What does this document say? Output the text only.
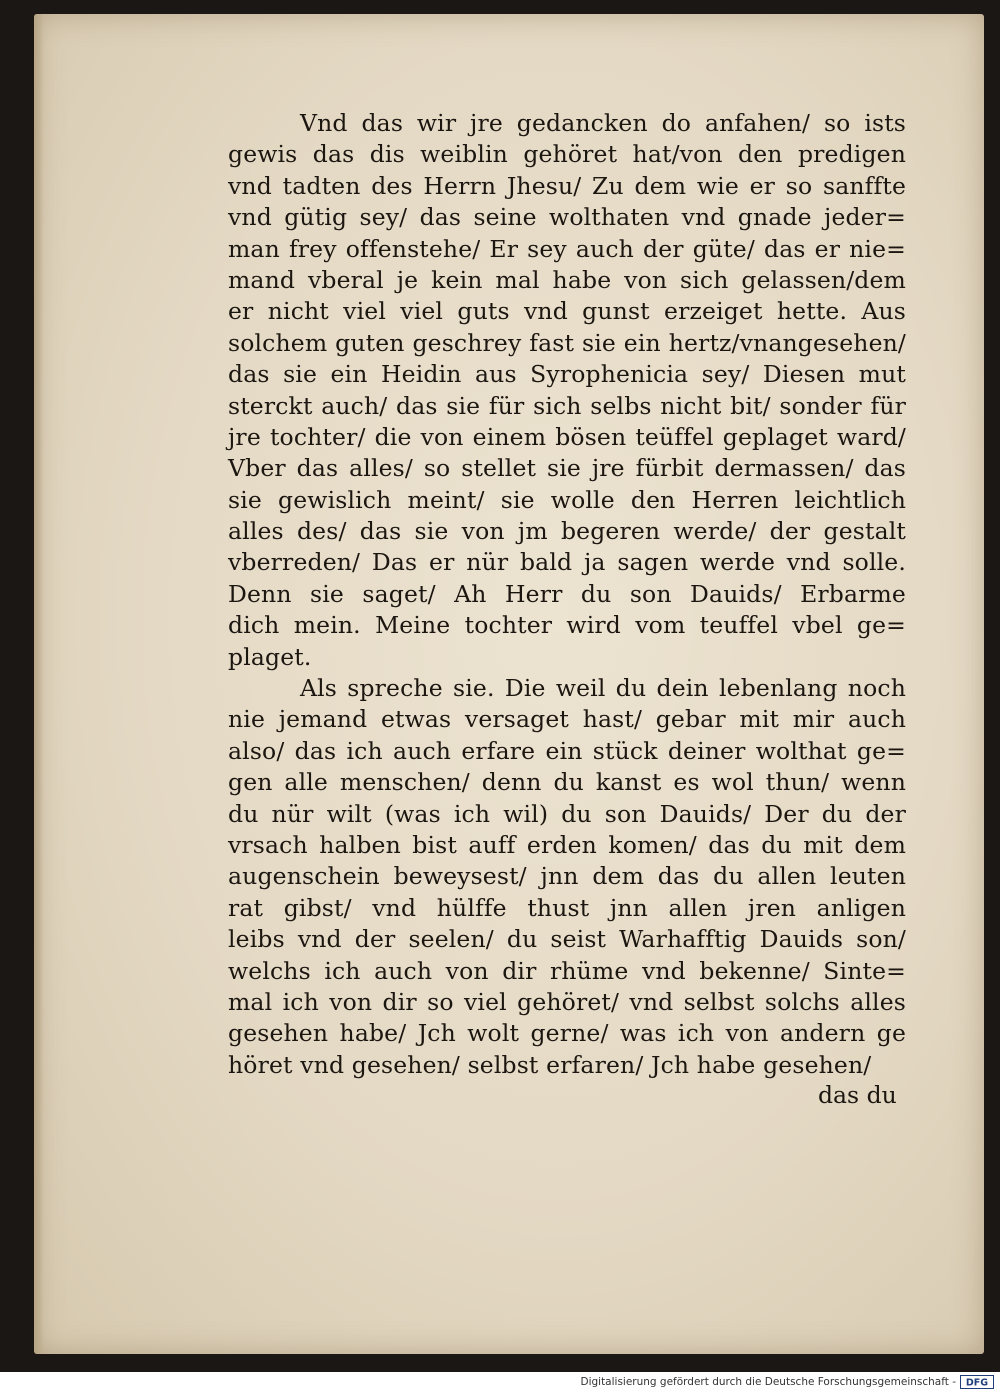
Vnd das wir jre gedancken do anfahen/ so ists
gewis das dis weiblin gehöret hat/von den predigen
vnd tadten des Herrn Jhesu/ Zu dem wie er so sanffte
vnd gütig sey/ das seine wolthaten vnd gnade jeder=
man frey offenstehe/ Er sey auch der güte/ das er nie=
mand vberal je kein mal habe von sich gelassen/dem
er nicht viel viel guts vnd gunst erzeiget hette. Aus
solchem guten geschrey fast sie ein hertz/vnangesehen/
das sie ein Heidin aus Syrophenicia sey/ Diesen mut
sterckt auch/ das sie für sich selbs nicht bit/ sonder für
jre tochter/ die von einem bösen teüffel geplaget ward/
Vber das alles/ so stellet sie jre fürbit dermassen/ das
sie gewislich meint/ sie wolle den Herren leichtlich
alles des/ das sie von jm begeren werde/ der gestalt
vberreden/ Das er nür bald ja sagen werde vnd solle.
Denn sie saget/ Ah Herr du son Dauids/ Erbarme
dich mein. Meine tochter wird vom teuffel vbel ge=
plaget.
Als spreche sie. Die weil du dein lebenlang noch
nie jemand etwas versaget hast/ gebar mit mir auch
also/ das ich auch erfare ein stück deiner wolthat ge=
gen alle menschen/ denn du kanst es wol thun/ wenn
du nür wilt (was ich wil) du son Dauids/ Der du der
vrsach halben bist auff erden komen/ das du mit dem
augenschein beweysest/ jnn dem das du allen leuten
rat gibst/ vnd hülffe thust jnn allen jren anligen
leibs vnd der seelen/ du seist Warhafftig Dauids son/
welchs ich auch von dir rhüme vnd bekenne/ Sinte=
mal ich von dir so viel gehöret/ vnd selbst solchs alles
gesehen habe/ Jch wolt gerne/ was ich von andern ge
höret vnd gesehen/ selbst erfaren/ Jch habe gesehen/
das du
Digitalisierung gefördert durch die Deutsche Forschungsgemeinschaft - DFG
